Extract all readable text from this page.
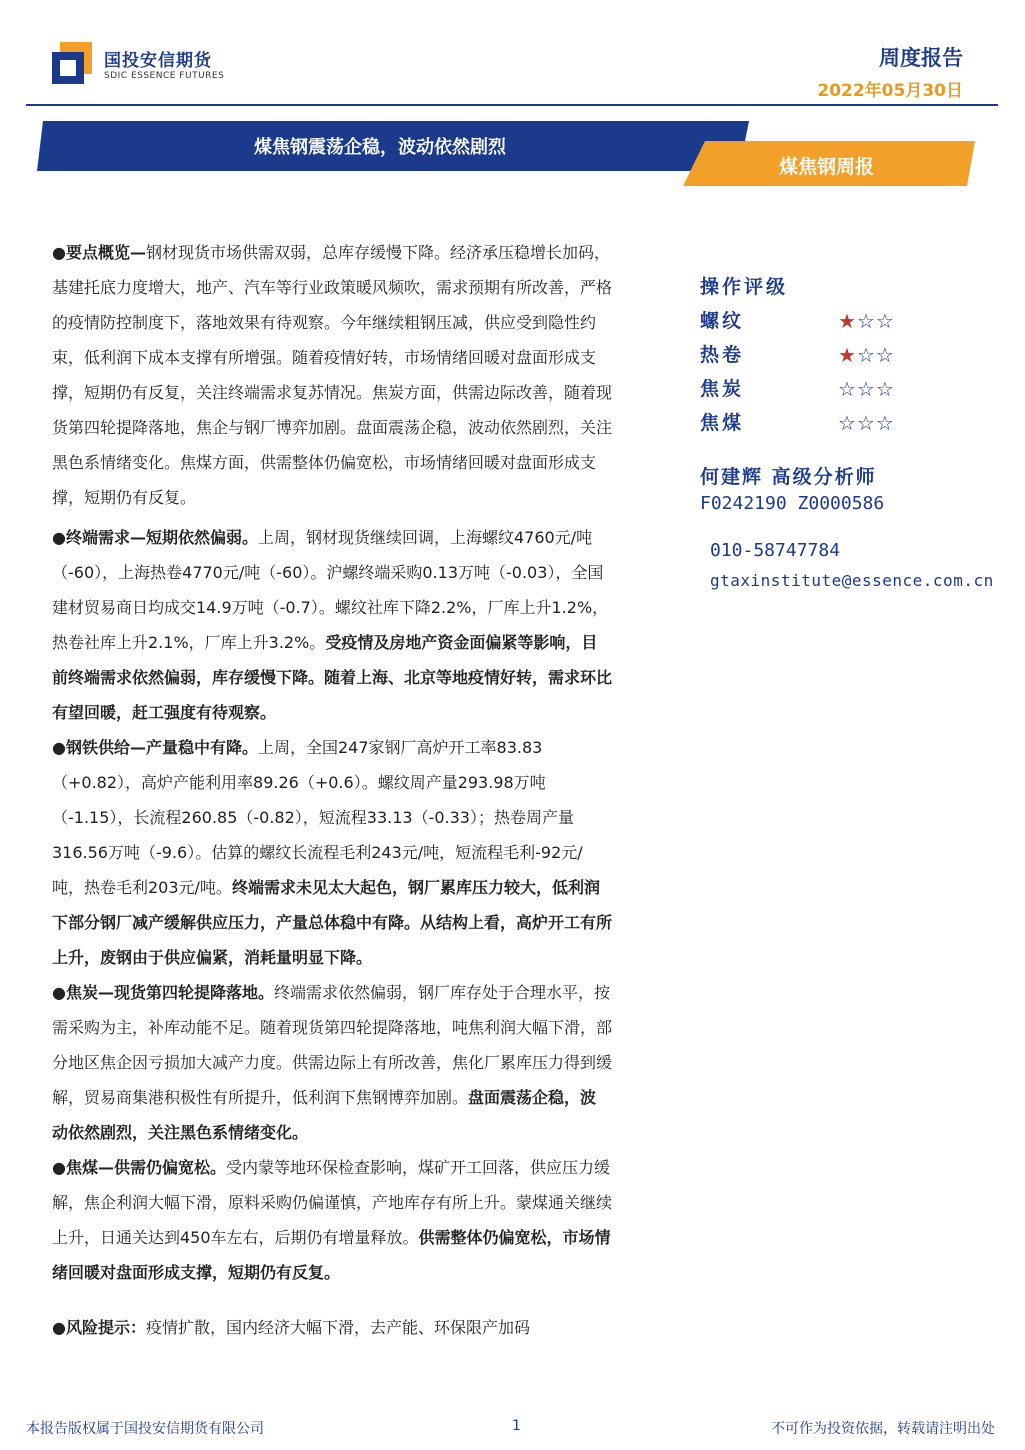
国投安信期货
SDIC ESSENCE FUTURES
周度报告
2022年05月30日
煤焦钢震荡企稳，波动依然剧烈
煤焦钢周报

●要点概览—钢材现货市场供需双弱，总库存缓慢下降。经济承压稳增长加码，基建托底力度增大，地产、汽车等行业政策暖风频吹，需求预期有所改善，严格的疫情防控制度下，落地效果有待观察。今年继续粗钢压减，供应受到隐性约束，低利润下成本支撑有所增强。随着疫情好转，市场情绪回暖对盘面形成支撑，短期仍有反复，关注终端需求复苏情况。焦炭方面，供需边际改善，随着现货第四轮提降落地，焦企与钢厂博弈加剧。盘面震荡企稳，波动依然剧烈，关注黑色系情绪变化。焦煤方面，供需整体仍偏宽松，市场情绪回暖对盘面形成支撑，短期仍有反复。

●终端需求—短期依然偏弱。上周，钢材现货继续回调，上海螺纹4760元/吨（-60），上海热卷4770元/吨（-60）。沪螺终端采购0.13万吨（-0.03），全国建材贸易商日均成交14.9万吨（-0.7）。螺纹社库下降2.2%，厂库上升1.2%，热卷社库上升2.1%，厂库上升3.2%。受疫情及房地产资金面偏紧等影响，目前终端需求依然偏弱，库存缓慢下降。随着上海、北京等地疫情好转，需求环比有望回暖，赶工强度有待观察。

●钢铁供给—产量稳中有降。上周，全国247家钢厂高炉开工率83.83（+0.82），高炉产能利用率89.26（+0.6）。螺纹周产量293.98万吨（-1.15），长流程260.85（-0.82），短流程33.13（-0.33）；热卷周产量316.56万吨（-9.6）。估算的螺纹长流程毛利243元/吨，短流程毛利-92元/吨，热卷毛利203元/吨。终端需求未见太大起色，钢厂累库压力较大，低利润下部分钢厂减产缓解供应压力，产量总体稳中有降。从结构上看，高炉开工有所上升，废钢由于供应偏紧，消耗量明显下降。

●焦炭—现货第四轮提降落地。终端需求依然偏弱，钢厂库存处于合理水平，按需采购为主，补库动能不足。随着现货第四轮提降落地，吨焦利润大幅下滑，部分地区焦企因亏损加大减产力度。供需边际上有所改善，焦化厂累库压力得到缓解，贸易商集港积极性有所提升，低利润下焦钢博弈加剧。盘面震荡企稳，波动依然剧烈，关注黑色系情绪变化。

●焦煤—供需仍偏宽松。受内蒙等地环保检查影响，煤矿开工回落，供应压力缓解，焦企利润大幅下滑，原料采购仍偏谨慎，产地库存有所上升。蒙煤通关继续上升，日通关达到450车左右，后期仍有增量释放。供需整体仍偏宽松，市场情绪回暖对盘面形成支撑，短期仍有反复。

●风险提示：疫情扩散，国内经济大幅下滑，去产能、环保限产加码

操作评级
螺纹	★☆☆
热卷	★☆☆
焦炭	☆☆☆
焦煤	☆☆☆
何建辉 高级分析师
F0242190 Z0000586
010-58747784
gtaxinstitute@essence.com.cn
本报告版权属于国投安信期货有限公司	1	不可作为投资依据，转载请注明出处
